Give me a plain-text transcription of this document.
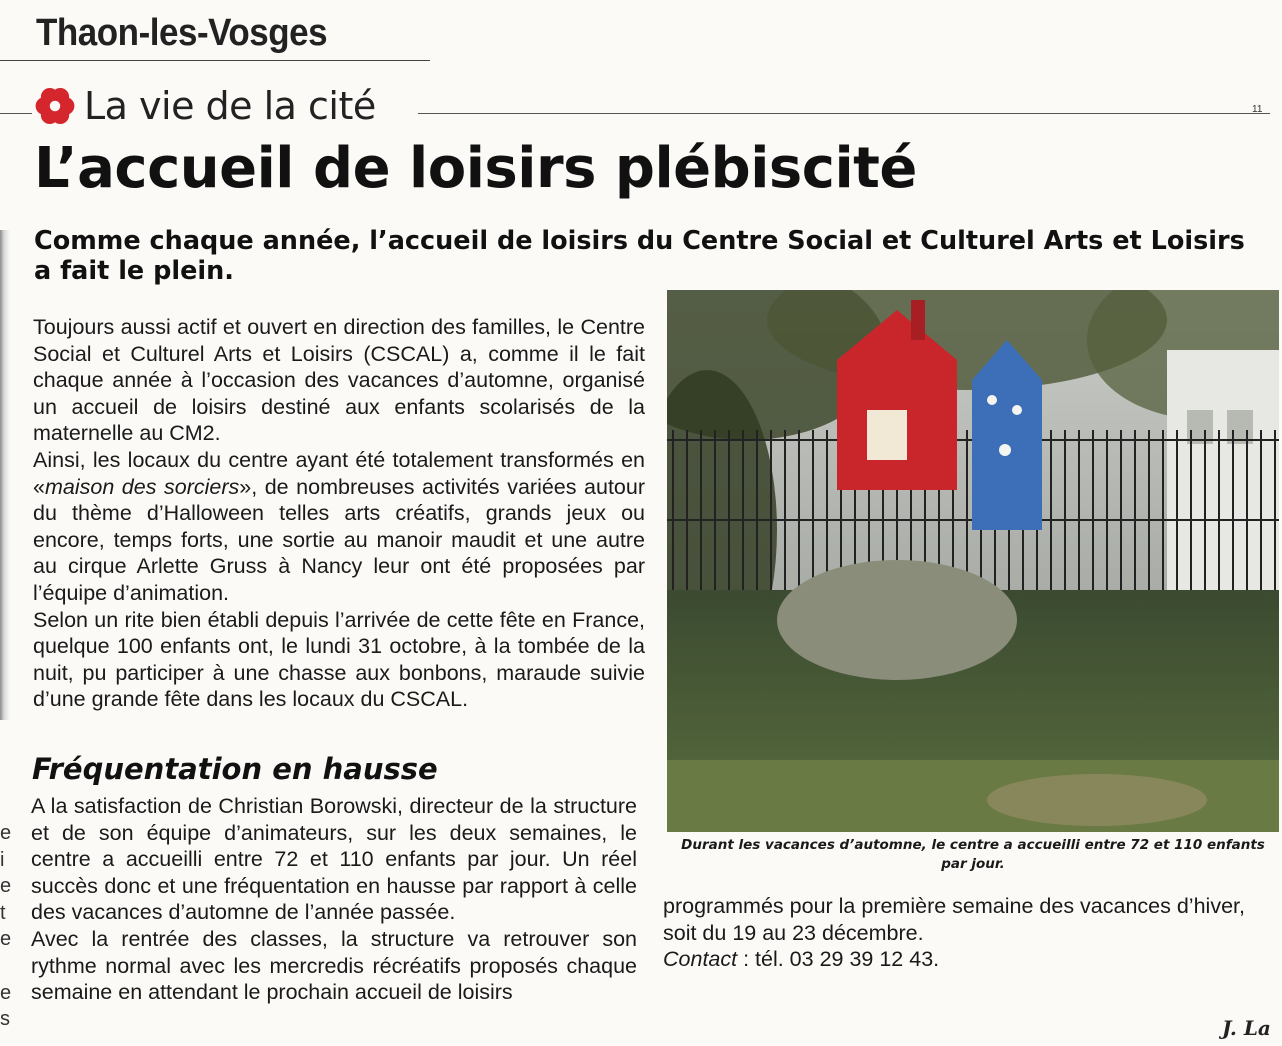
Thaon-les-Vosges
La vie de la cité	11
L’accueil de loisirs plébiscité
Comme chaque année, l’accueil de loisirs du Centre Social et Culturel Arts et Loisirs a fait le plein.

Toujours aussi actif et ouvert en direction des familles, le Centre Social et Culturel Arts et Loisirs (CSCAL) a, comme il le fait chaque année à l’occasion des vacances d’automne, organisé un accueil de loisirs destiné aux enfants scolarisés de la maternelle au CM2.

Ainsi, les locaux du centre ayant été totalement transformés en «maison des sorciers», de nombreuses activités variées autour du thème d’Halloween telles arts créatifs, grands jeux ou encore, temps forts, une sortie au manoir maudit et une autre au cirque Arlette Gruss à Nancy leur ont été proposées par l’équipe d’animation.

Selon un rite bien établi depuis l’arrivée de cette fête en France, quelque 100 enfants ont, le lundi 31 octobre, à la tombée de la nuit, pu participer à une chasse aux bonbons, maraude suivie d’une grande fête dans les locaux du CSCAL.

Fréquentation en hausse

A la satisfaction de Christian Borowski, directeur de la structure et de son équipe d’animateurs, sur les deux semaines, le centre a accueilli entre 72 et 110 enfants par jour. Un réel succès donc et une fréquentation en hausse par rapport à celle des vacances d’automne de l’année passée.

Avec la rentrée des classes, la structure va retrouver son rythme normal avec les mercredis récréatifs proposés chaque semaine en attendant le prochain accueil de loisirs

Durant les vacances d’automne, le centre a accueilli entre 72 et 110 enfants par jour.

programmés pour la première semaine des vacances d’hiver, soit du 19 au 23 décembre.

Contact : tél. 03 29 39 12 43.

J. La
e
i
e
t
e

e
s
